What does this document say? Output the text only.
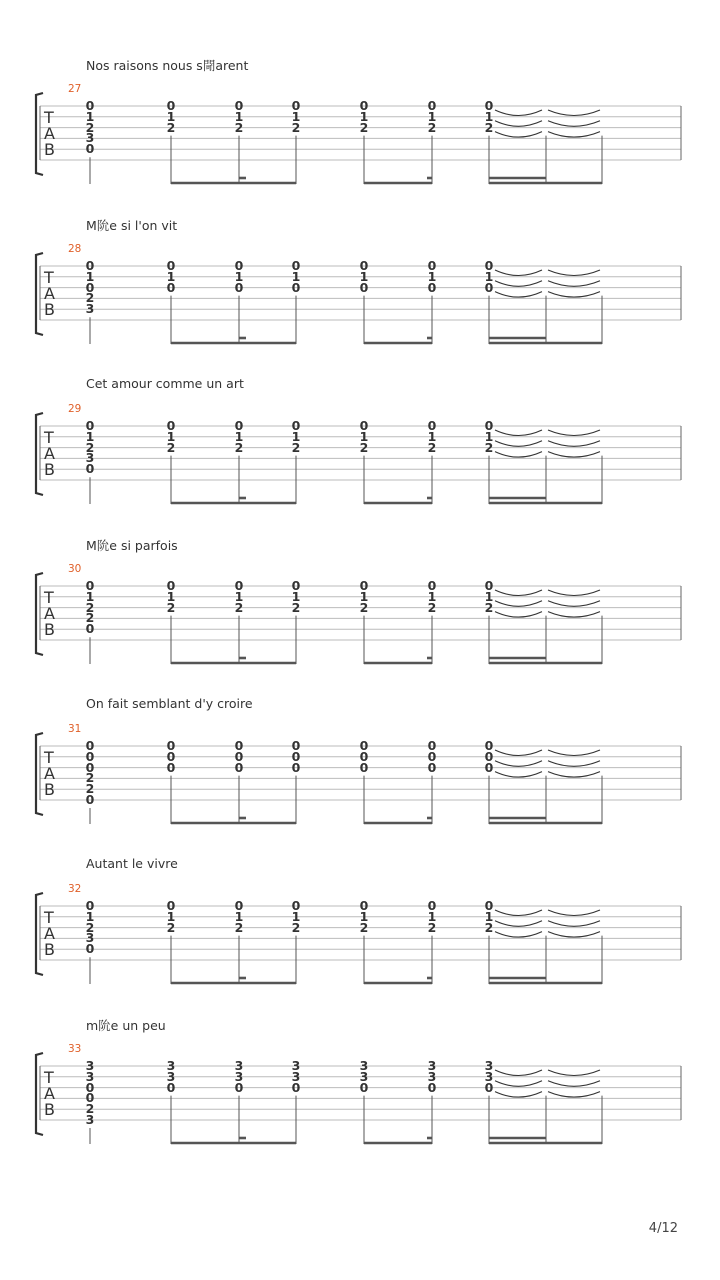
Nos raisons nous s閜arent
27
T
A
B
0
1
2
3
0
0
1
2
0
1
2
0
1
2
0
1
2
0
1
2
0
1
2
M阭e si l'on vit
28
T
A
B
0
1
0
2
3
0
1
0
0
1
0
0
1
0
0
1
0
0
1
0
0
1
0
Cet amour comme un art
29
T
A
B
0
1
2
3
0
0
1
2
0
1
2
0
1
2
0
1
2
0
1
2
0
1
2
M阭e si parfois
30
T
A
B
0
1
2
2
0
0
1
2
0
1
2
0
1
2
0
1
2
0
1
2
0
1
2
On fait semblant d'y croire
31
T
A
B
0
0
0
2
2
0
0
0
0
0
0
0
0
0
0
0
0
0
0
0
0
0
0
0
Autant le vivre
32
T
A
B
0
1
2
3
0
0
1
2
0
1
2
0
1
2
0
1
2
0
1
2
0
1
2
m阭e un peu
33
T
A
B
3
3
0
0
2
3
3
3
0
3
3
0
3
3
0
3
3
0
3
3
0
3
3
0
4/12
